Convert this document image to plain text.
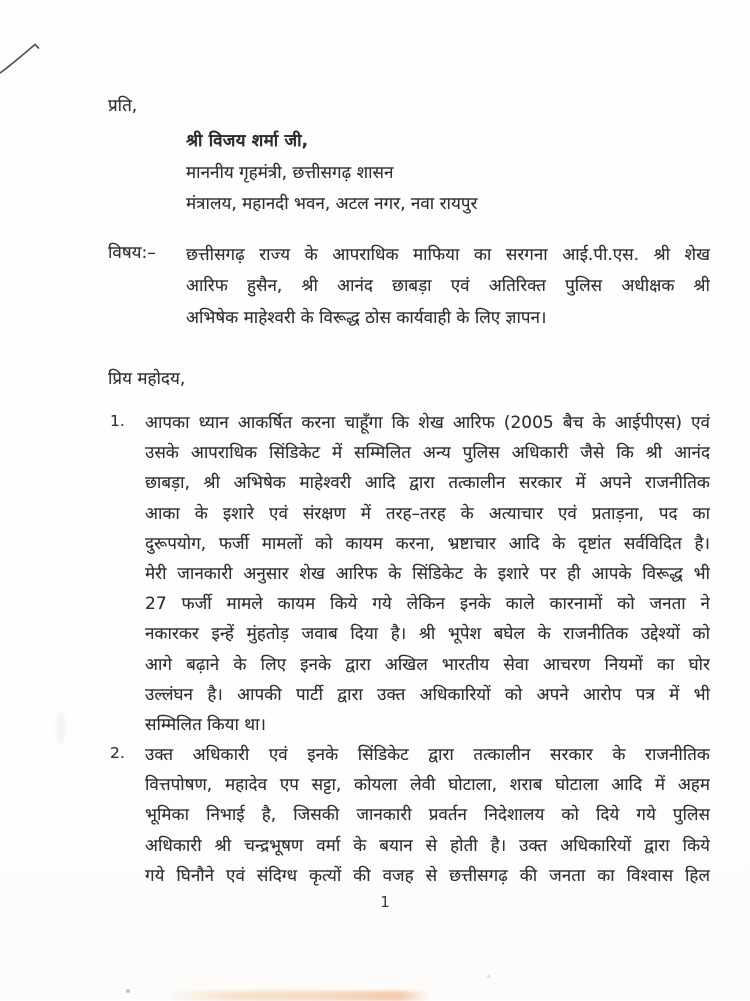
प्रति,
श्री विजय शर्मा जी,
माननीय गृहमंत्री, छत्तीसगढ़ शासन
मंत्रालय, महानदी भवन, अटल नगर, नवा रायपुर
विषय:– छत्तीसगढ़ राज्य के आपराधिक माफिया का सरगना आई.पी.एस. श्री शेख
आरिफ हुसैन, श्री आनंद छाबड़ा एवं अतिरिक्त पुलिस अधीक्षक श्री
अभिषेक माहेश्वरी के विरूद्ध ठोस कार्यवाही के लिए ज्ञापन।
प्रिय महोदय,
1.	आपका ध्यान आकर्षित करना चाहूँगा कि शेख आरिफ (2005 बैच के आईपीएस) एवं
उसके आपराधिक सिंडिकेट में सम्मिलित अन्य पुलिस अधिकारी जैसे कि श्री आनंद
छाबड़ा, श्री अभिषेक माहेश्वरी आदि द्वारा तत्कालीन सरकार में अपने राजनीतिक
आका के इशारे एवं संरक्षण में तरह–तरह के अत्याचार एवं प्रताड़ना, पद का
दुरूपयोग, फर्जी मामलों को कायम करना, भ्रष्टाचार आदि के दृष्टांत सर्वविदित है।
मेरी जानकारी अनुसार शेख आरिफ के सिंडिकेट के इशारे पर ही आपके विरूद्ध भी
27 फर्जी मामले कायम किये गये लेकिन इनके काले कारनामों को जनता ने
नकारकर इन्हें मुंहतोड़ जवाब दिया है। श्री भूपेश बघेल के राजनीतिक उद्देश्यों को
आगे बढ़ाने के लिए इनके द्वारा अखिल भारतीय सेवा आचरण नियमों का घोर
उल्लंघन है। आपकी पार्टी द्वारा उक्त अधिकारियों को अपने आरोप पत्र में भी
सम्मिलित किया था।
2.	उक्त अधिकारी एवं इनके सिंडिकेट द्वारा तत्कालीन सरकार के राजनीतिक
वित्तपोषण, महादेव एप सट्टा, कोयला लेवी घोटाला, शराब घोटाला आदि में अहम
भूमिका निभाई है, जिसकी जानकारी प्रवर्तन निदेशालय को दिये गये पुलिस
अधिकारी श्री चन्द्रभूषण वर्मा के बयान से होती है। उक्त अधिकारियों द्वारा किये
गये घिनौने एवं संदिग्ध कृत्यों की वजह से छत्तीसगढ़ की जनता का विश्वास हिल
1
